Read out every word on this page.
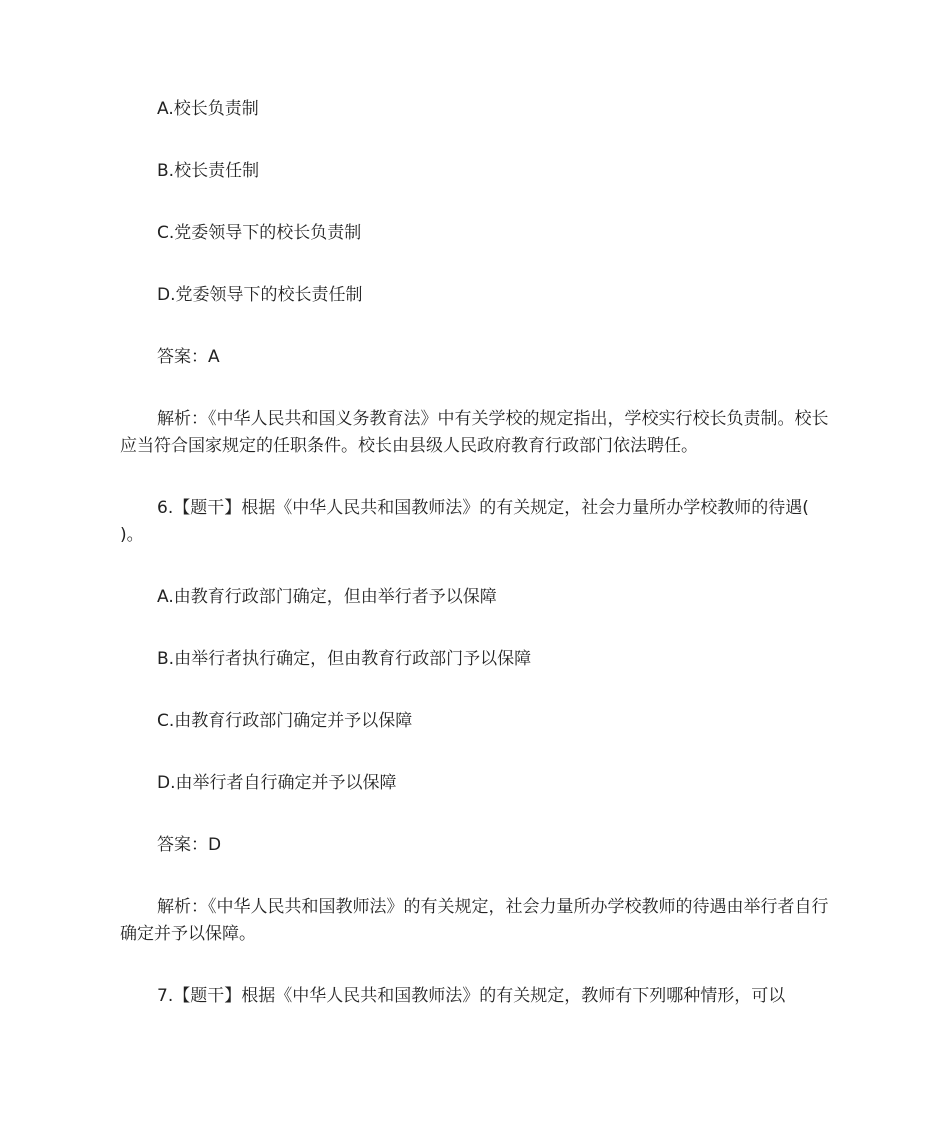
A.校长负责制

B.校长责任制

C.党委领导下的校长负责制

D.党委领导下的校长责任制

答案：A

解析：《中华人民共和国义务教育法》中有关学校的规定指出，学校实行校长负责制。校长应当符合国家规定的任职条件。校长由县级人民政府教育行政部门依法聘任。

6.【题干】根据《中华人民共和国教师法》的有关规定，社会力量所办学校教师的待遇(　　)。

A.由教育行政部门确定，但由举行者予以保障

B.由举行者执行确定，但由教育行政部门予以保障

C.由教育行政部门确定并予以保障

D.由举行者自行确定并予以保障

答案：D

解析：《中华人民共和国教师法》的有关规定，社会力量所办学校教师的待遇由举行者自行确定并予以保障。

7.【题干】根据《中华人民共和国教师法》的有关规定，教师有下列哪种情形，可以
